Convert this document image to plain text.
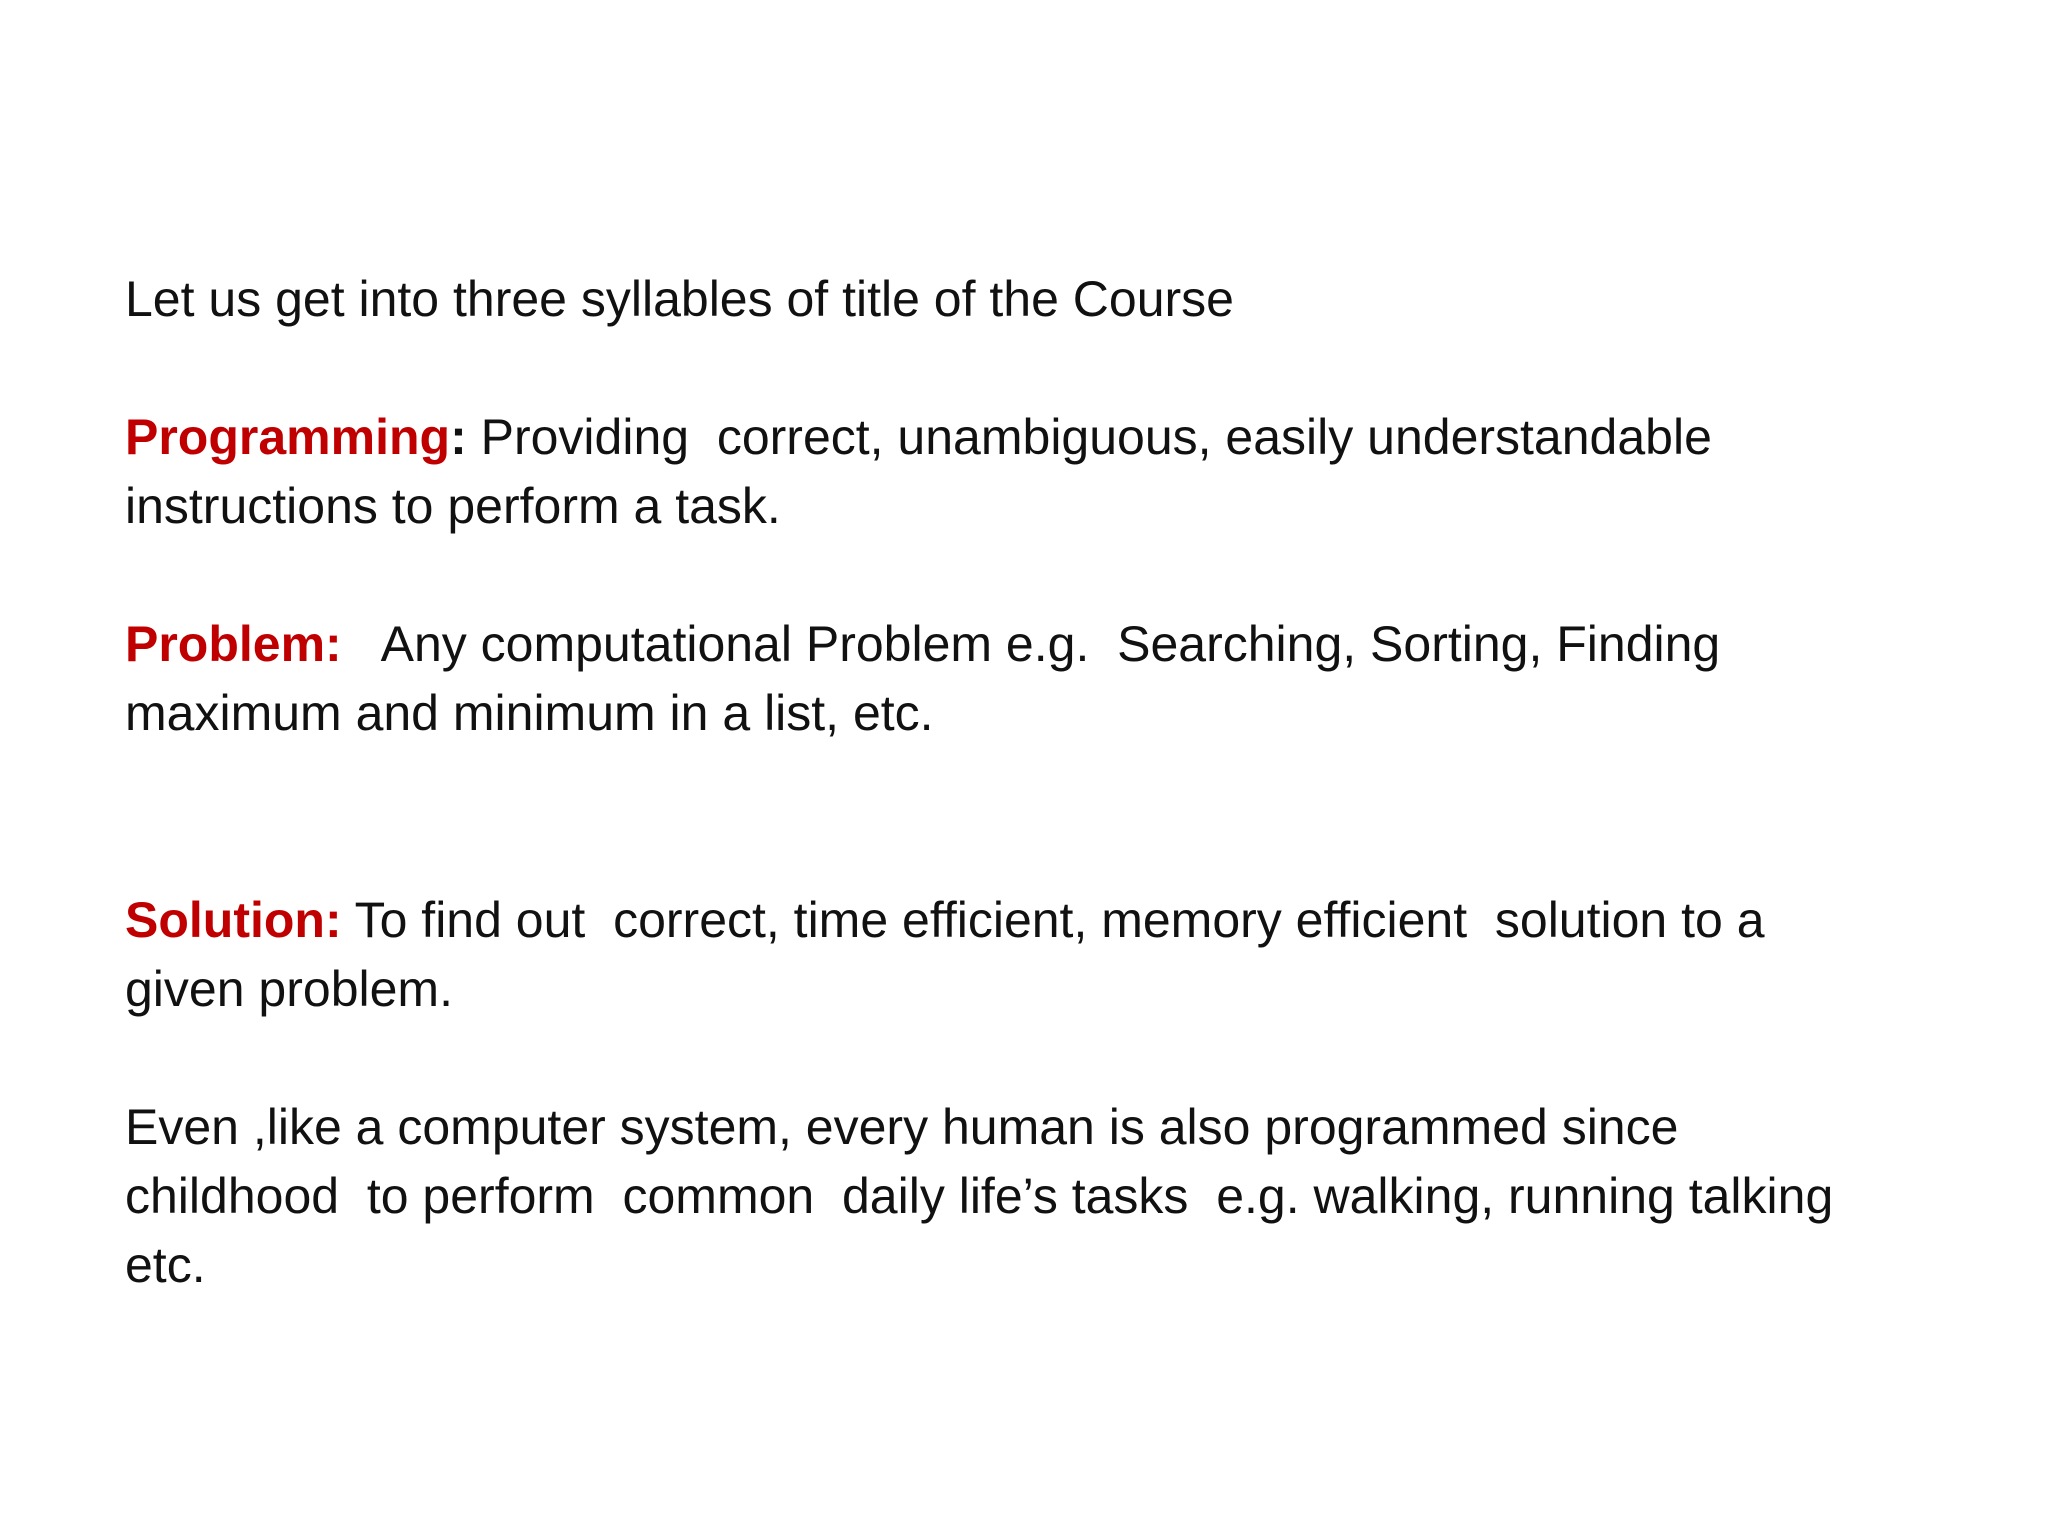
Let us get into three syllables of title of the Course

Programming: Providing  correct, unambiguous, easily understandable
instructions to perform a task.

Problem:   Any computational Problem e.g.  Searching, Sorting, Finding
maximum and minimum in a list, etc.

Solution: To find out  correct, time efficient, memory efficient  solution to a
given problem.

Even ,like a computer system, every human is also programmed since
childhood  to perform  common  daily life’s tasks  e.g. walking, running talking
etc.
